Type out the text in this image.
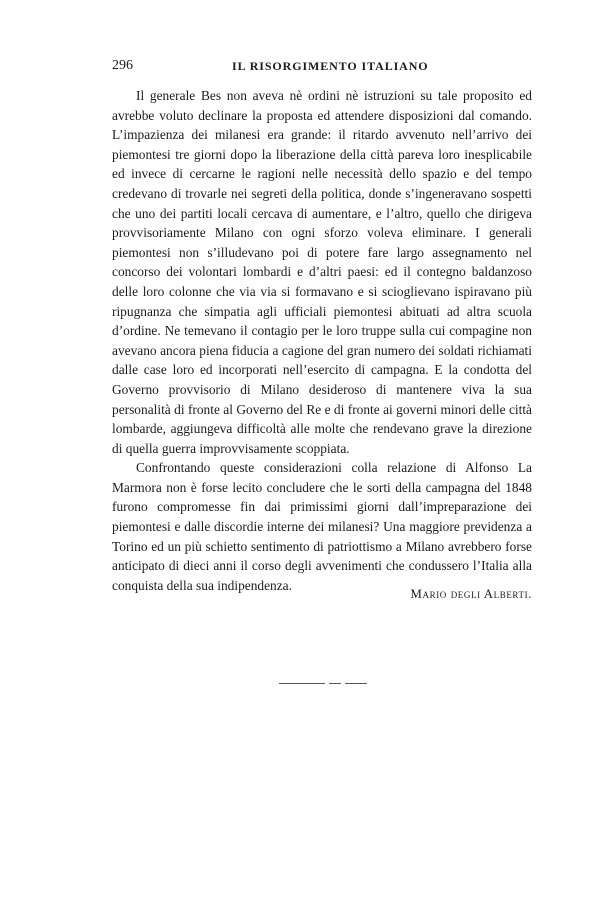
296	IL RISORGIMENTO ITALIANO

Il generale Bes non aveva nè ordini nè istruzioni su tale proposito ed avrebbe voluto declinare la proposta ed attendere disposizioni dal comando. L’impazienza dei milanesi era grande: il ritardo avvenuto nell’arrivo dei piemontesi tre giorni dopo la liberazione della città pareva loro inesplicabile ed invece di cercarne le ragioni nelle necessità dello spazio e del tempo credevano di trovarle nei segreti della politica, donde s’ingeneravano sospetti che uno dei partiti locali cercava di aumentare, e l’altro, quello che dirigeva provvisoriamente Milano con ogni sforzo voleva eliminare. I generali piemontesi non s’illudevano poi di potere fare largo assegnamento nel concorso dei volontari lombardi e d’altri paesi: ed il contegno baldanzoso delle loro colonne che via via si formavano e si scioglievano ispiravano più ripugnanza che simpatia agli ufficiali piemontesi abituati ad altra scuola d’ordine. Ne temevano il contagio per le loro truppe sulla cui compagine non avevano ancora piena fiducia a cagione del gran numero dei soldati richiamati dalle case loro ed incorporati nell’esercito di campagna. E la condotta del Governo provvisorio di Milano desideroso di mantenere viva la sua personalità di fronte al Governo del Re e di fronte ai governi minori delle città lombarde, aggiungeva difficoltà alle molte che rendevano grave la direzione di quella guerra improvvisamente scoppiata.

Confrontando queste considerazioni colla relazione di Alfonso La Marmora non è forse lecito concludere che le sorti della campagna del 1848 furono compromesse fin dai primissimi giorni dall’impreparazione dei piemontesi e dalle discordie interne dei milanesi? Una maggiore previdenza a Torino ed un più schietto sentimento di patriottismo a Milano avrebbero forse anticipato di dieci anni il corso degli avvenimenti che condussero l’Italia alla conquista della sua indipendenza.

Mario degli Alberti.
